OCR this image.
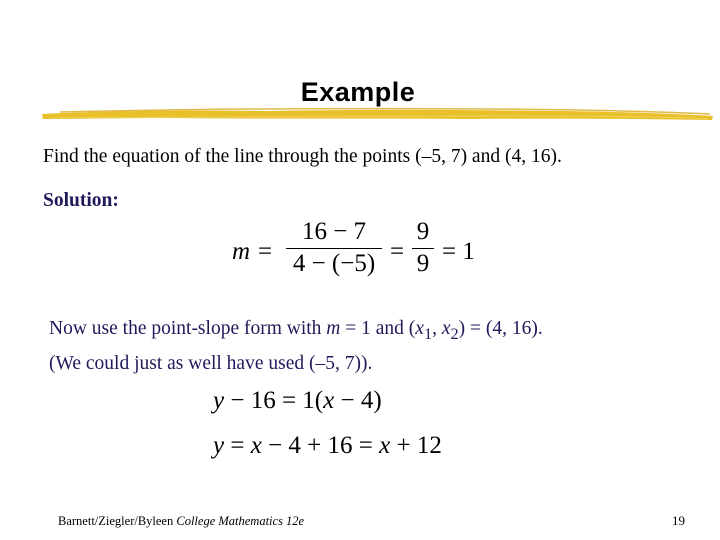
Example
Find the equation of the line through the points (–5, 7) and (4, 16).
Solution:
m =
16 − 7
4 − (−5) =
9
9 = 1
Now use the point-slope form with m = 1 and ($x_1$, $x_2) = (4$, 16).
(We could just as well have used (–5, 7)).
y − 16 = 1(x − 4)
y = x − 4 + 16 = x + 12
Barnett/Ziegler/Byleen College Mathematics 12e	19
